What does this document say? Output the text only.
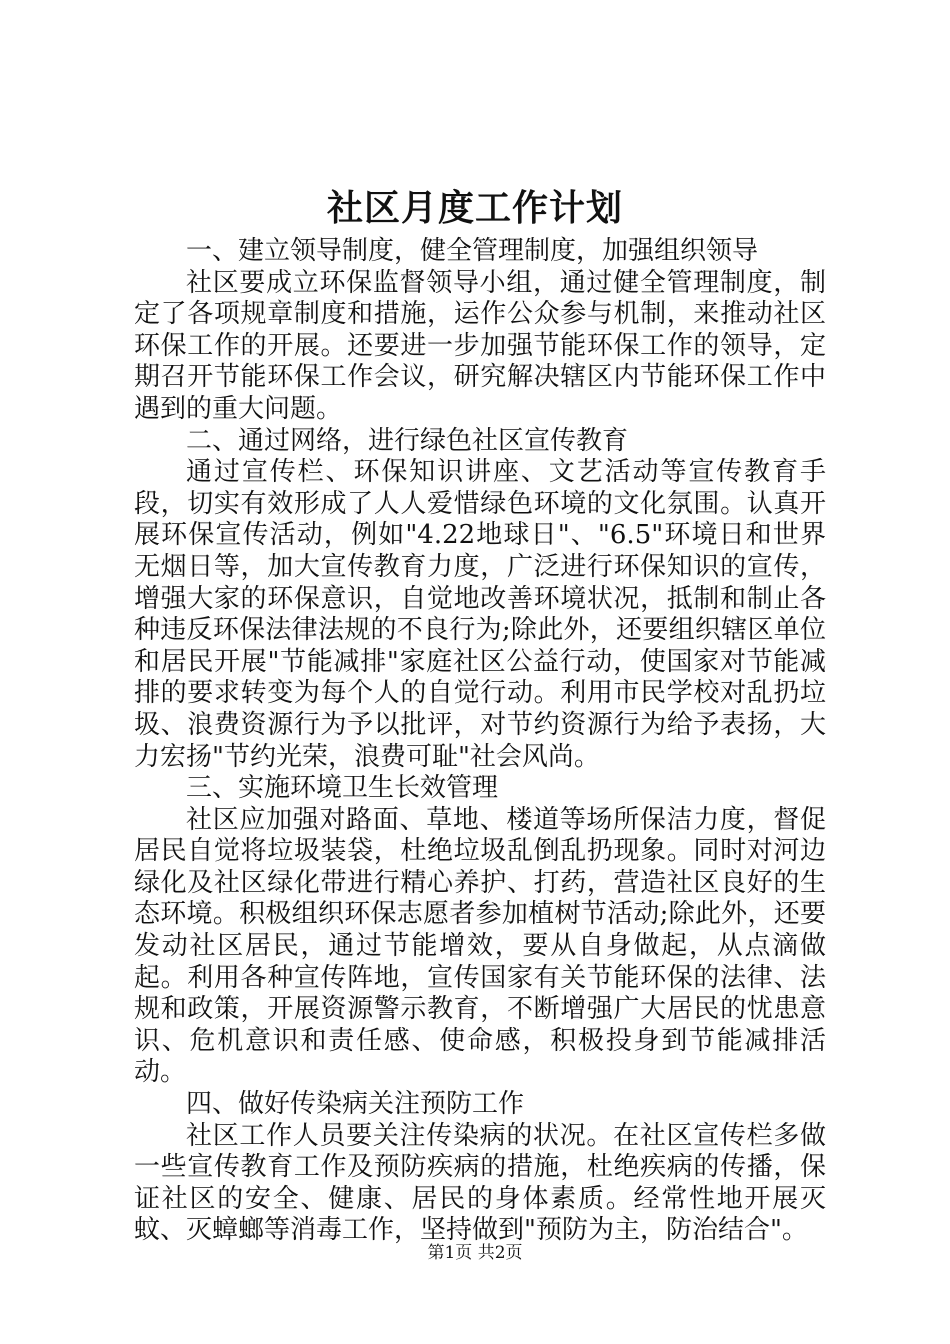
社区月度工作计划

一、建立领导制度，健全管理制度，加强组织领导

社区要成立环保监督领导小组，通过健全管理制度，制定了各项规章制度和措施，运作公众参与机制，来推动社区环保工作的开展。还要进一步加强节能环保工作的领导，定期召开节能环保工作会议，研究解决辖区内节能环保工作中遇到的重大问题。

二、通过网络，进行绿色社区宣传教育

通过宣传栏、环保知识讲座、文艺活动等宣传教育手段，切实有效形成了人人爱惜绿色环境的文化氛围。认真开展环保宣传活动，例如"4.22地球日"、"6.5"环境日和世界无烟日等，加大宣传教育力度，广泛进行环保知识的宣传，增强大家的环保意识，自觉地改善环境状况，抵制和制止各种违反环保法律法规的不良行为;除此外，还要组织辖区单位和居民开展"节能减排"家庭社区公益行动，使国家对节能减排的要求转变为每个人的自觉行动。利用市民学校对乱扔垃圾、浪费资源行为予以批评，对节约资源行为给予表扬，大力宏扬"节约光荣，浪费可耻"社会风尚。

三、实施环境卫生长效管理

社区应加强对路面、草地、楼道等场所保洁力度，督促居民自觉将垃圾装袋，杜绝垃圾乱倒乱扔现象。同时对河边绿化及社区绿化带进行精心养护、打药，营造社区良好的生态环境。积极组织环保志愿者参加植树节活动;除此外，还要发动社区居民，通过节能增效，要从自身做起，从点滴做起。利用各种宣传阵地，宣传国家有关节能环保的法律、法规和政策，开展资源警示教育，不断增强广大居民的忧患意识、危机意识和责任感、使命感，积极投身到节能减排活动。

四、做好传染病关注预防工作

社区工作人员要关注传染病的状况。在社区宣传栏多做一些宣传教育工作及预防疾病的措施，杜绝疾病的传播，保证社区的安全、健康、居民的身体素质。经常性地开展灭蚊、灭蟑螂等消毒工作，坚持做到"预防为主，防治结合"。

第1页 共2页
